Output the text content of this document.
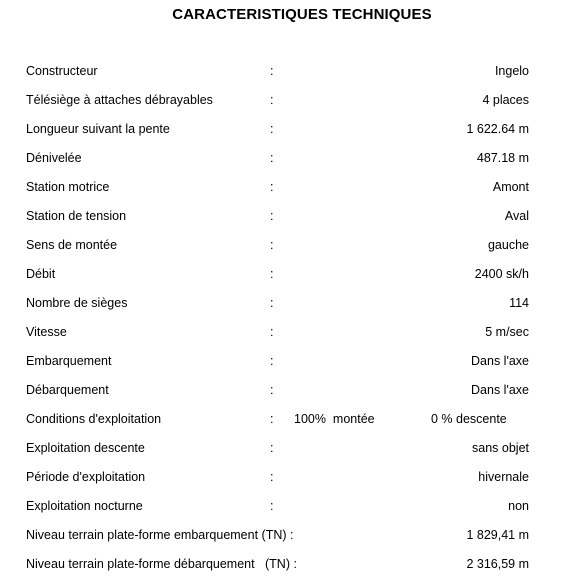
CARACTERISTIQUES TECHNIQUES
Constructeur	:	Ingelo
Télésiège à attaches débrayables	:	4 places
Longueur suivant la pente	:	1 622.64 m
Dénivelée	:	487.18 m
Station motrice	:	Amont
Station de tension	:	Aval
Sens de montée	:	gauche
Débit	:	2400 sk/h
Nombre de sièges	:	114
Vitesse	:	5 m/sec
Embarquement	:	Dans l'axe
Débarquement	:	Dans l'axe
Conditions d'exploitation	: 100%  montée	0 % descente
Exploitation descente	:	sans objet
Période d'exploitation	:	hivernale
Exploitation nocturne	:	non
Niveau terrain plate-forme embarquement (TN) :	1 829,41 m
Niveau terrain plate-forme débarquement   (TN) :	2 316,59 m
